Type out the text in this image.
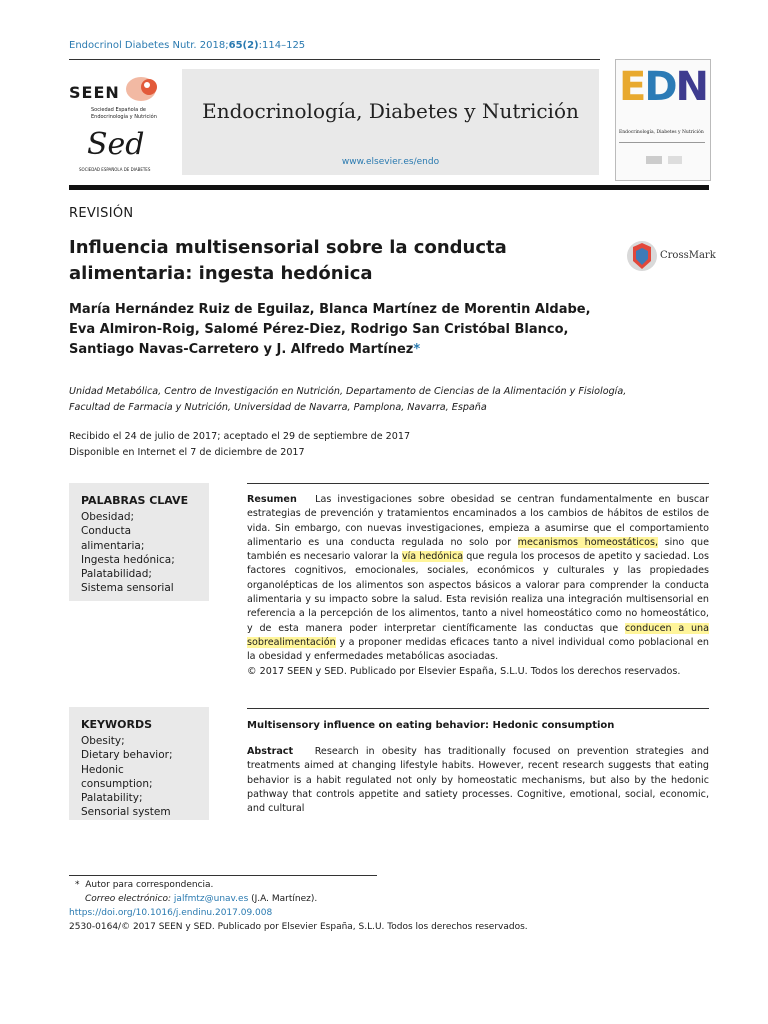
Endocrinol Diabetes Nutr. 2018;65(2):114–125
SEEN
Sociedad Española de
Endocrinología y Nutrición
Sed
SOCIEDAD ESPAÑOLA DE DIABETES
Endocrinología, Diabetes y Nutrición
www.elsevier.es/endo
EDN
Endocrinología, Diabetes y Nutrición
REVISIÓN
Influencia multisensorial sobre la conducta
alimentaria: ingesta hedónica
CrossMark
María Hernández Ruiz de Eguilaz, Blanca Martínez de Morentin Aldabe,
Eva Almiron-Roig, Salomé Pérez-Diez, Rodrigo San Cristóbal Blanco,
Santiago Navas-Carretero y J. Alfredo Martínez*
Unidad Metabólica, Centro de Investigación en Nutrición, Departamento de Ciencias de la Alimentación y Fisiología,
Facultad de Farmacia y Nutrición, Universidad de Navarra, Pamplona, Navarra, España
Recibido el 24 de julio de 2017; aceptado el 29 de septiembre de 2017
Disponible en Internet el 7 de diciembre de 2017
PALABRAS CLAVE
Obesidad;
Conducta
alimentaria;
Ingesta hedónica;
Palatabilidad;
Sistema sensorial
Resumen Las investigaciones sobre obesidad se centran fundamentalmente en buscar estrategias de prevención y tratamientos encaminados a los cambios de hábitos de estilos de vida. Sin embargo, con nuevas investigaciones, empieza a asumirse que el comportamiento alimentario es una conducta regulada no solo por mecanismos homeostáticos, sino que también es necesario valorar la vía hedónica que regula los procesos de apetito y saciedad. Los factores cognitivos, emocionales, sociales, económicos y culturales y las propiedades organolépticas de los alimentos son aspectos básicos a valorar para comprender la conducta alimentaria y su impacto sobre la salud. Esta revisión realiza una integración multisensorial en referencia a la percepción de los alimentos, tanto a nivel homeostático como no homeostático, y de esta manera poder interpretar científicamente las conductas que conducen a una sobrealimentación y a proponer medidas eficaces tanto a nivel individual como poblacional en la obesidad y enfermedades metabólicas asociadas.
© 2017 SEEN y SED. Publicado por Elsevier España, S.L.U. Todos los derechos reservados.
KEYWORDS
Obesity;
Dietary behavior;
Hedonic
consumption;
Palatability;
Sensorial system
Multisensory influence on eating behavior: Hedonic consumption
Abstract Research in obesity has traditionally focused on prevention strategies and treatments aimed at changing lifestyle habits. However, recent research suggests that eating behavior is a habit regulated not only by homeostatic mechanisms, but also by the hedonic pathway that controls appetite and satiety processes. Cognitive, emotional, social, economic, and cultural
* Autor para correspondencia.
Correo electrónico: jalfmtz@unav.es (J.A. Martínez).
https://doi.org/10.1016/j.endinu.2017.09.008
2530-0164/© 2017 SEEN y SED. Publicado por Elsevier España, S.L.U. Todos los derechos reservados.
